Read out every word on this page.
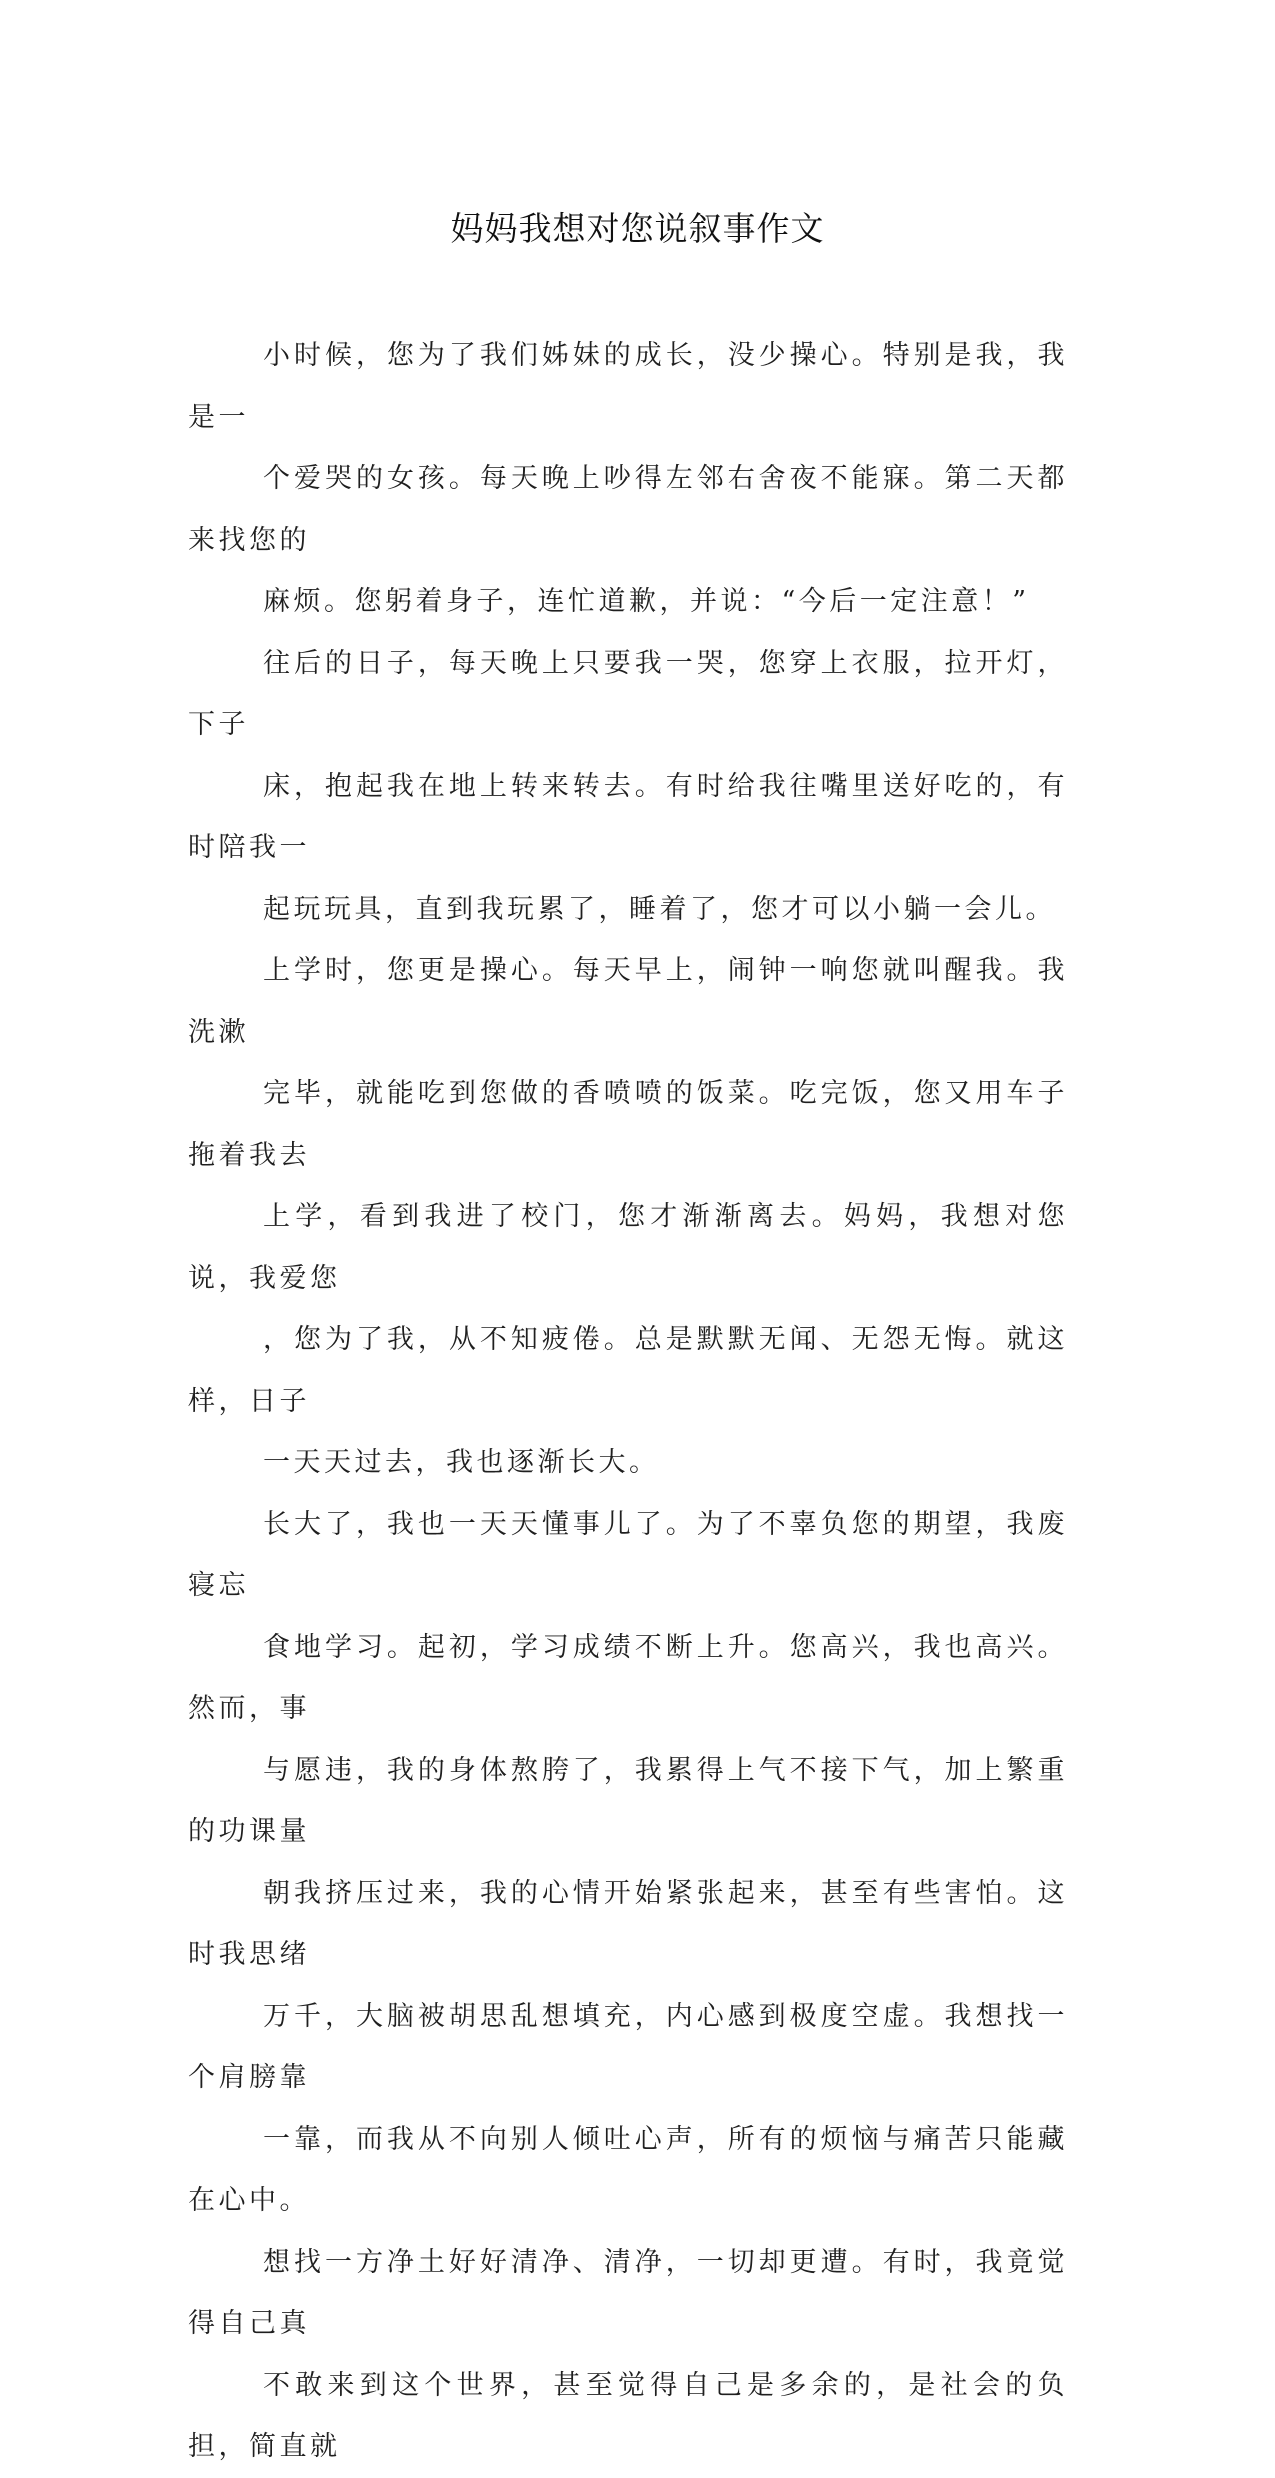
妈妈我想对您说叙事作文

小时候，您为了我们姊妹的成长，没少操心。特别是我，我是一
个爱哭的女孩。每天晚上吵得左邻右舍夜不能寐。第二天都来找您的
麻烦。您躬着身子，连忙道歉，并说：“今后一定注意！”

往后的日子，每天晚上只要我一哭，您穿上衣服，拉开灯，下子
床，抱起我在地上转来转去。有时给我往嘴里送好吃的，有时陪我一
起玩玩具，直到我玩累了，睡着了，您才可以小躺一会儿。

上学时，您更是操心。每天早上，闹钟一响您就叫醒我。我洗漱
完毕，就能吃到您做的香喷喷的饭菜。吃完饭，您又用车子拖着我去
上学，看到我进了校门，您才渐渐离去。妈妈，我想对您说，我爱您
，您为了我，从不知疲倦。总是默默无闻、无怨无悔。就这样，日子
一天天过去，我也逐渐长大。

长大了，我也一天天懂事儿了。为了不辜负您的期望，我废寝忘
食地学习。起初，学习成绩不断上升。您高兴，我也高兴。然而，事
与愿违，我的身体熬胯了，我累得上气不接下气，加上繁重的功课量
朝我挤压过来，我的心情开始紧张起来，甚至有些害怕。这时我思绪
万千，大脑被胡思乱想填充，内心感到极度空虚。我想找一个肩膀靠
一靠，而我从不向别人倾吐心声，所有的烦恼与痛苦只能藏在心中。
想找一方净土好好清净、清净，一切却更遭。有时，我竟觉得自己真
不敢来到这个世界，甚至觉得自己是多余的，是社会的负担，简直就
